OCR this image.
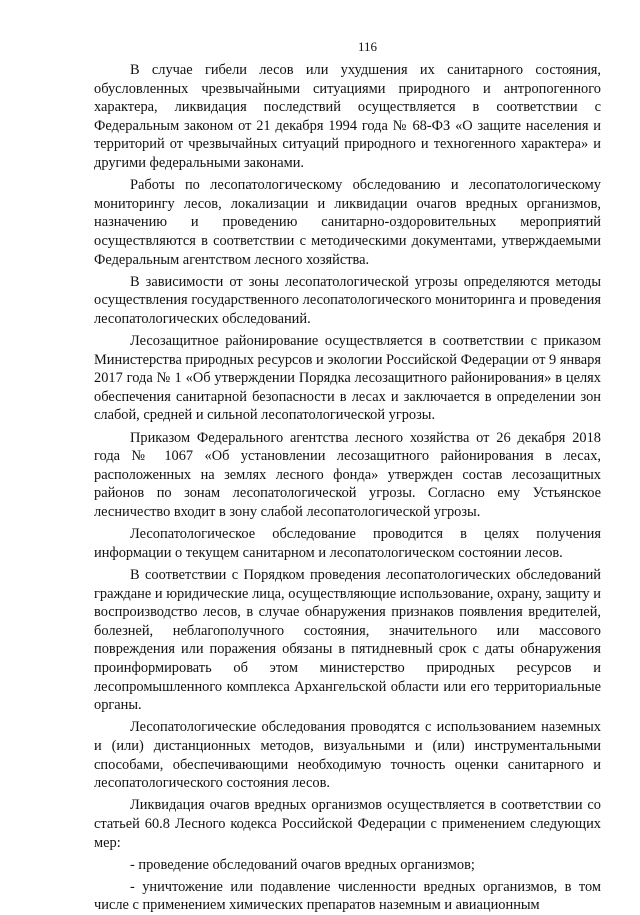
116

В случае гибели лесов или ухудшения их санитарного состояния, обусловленных чрезвычайными ситуациями природного и антропогенного характера, ликвидация последствий осуществляется в соответствии с Федеральным законом от 21 декабря 1994 года № 68-ФЗ «О защите населения и территорий от чрезвычайных ситуаций природного и техногенного характера» и другими федеральными законами.

Работы по лесопатологическому обследованию и лесопатологическому мониторингу лесов, локализации и ликвидации очагов вредных организмов, назначению и проведению санитарно-оздоровительных мероприятий осуществляются в соответствии с методическими документами, утверждаемыми Федеральным агентством лесного хозяйства.

В зависимости от зоны лесопатологической угрозы определяются методы осуществления государственного лесопатологического мониторинга и проведения лесопатологических обследований.

Лесозащитное районирование осуществляется в соответствии с приказом Министерства природных ресурсов и экологии Российской Федерации от 9 января 2017 года № 1 «Об утверждении Порядка лесозащитного районирования» в целях обеспечения санитарной безопасности в лесах и заключается в определении зон слабой, средней и сильной лесопатологической угрозы.

Приказом Федерального агентства лесного хозяйства от 26 декабря 2018 года № 1067 «Об установлении лесозащитного районирования в лесах, расположенных на землях лесного фонда» утвержден состав лесозащитных районов по зонам лесопатологической угрозы. Согласно ему Устьянское лесничество входит в зону слабой лесопатологической угрозы.

Лесопатологическое обследование проводится в целях получения информации о текущем санитарном и лесопатологическом состоянии лесов.

В соответствии с Порядком проведения лесопатологических обследований граждане и юридические лица, осуществляющие использование, охрану, защиту и воспроизводство лесов, в случае обнаружения признаков появления вредителей, болезней, неблагополучного состояния, значительного или массового повреждения или поражения обязаны в пятидневный срок с даты обнаружения проинформировать об этом министерство природных ресурсов и лесопромышленного комплекса Архангельской области или его территориальные органы.

Лесопатологические обследования проводятся с использованием наземных и (или) дистанционных методов, визуальными и (или) инструментальными способами, обеспечивающими необходимую точность оценки санитарного и лесопатологического состояния лесов.

Ликвидация очагов вредных организмов осуществляется в соответствии со статьей 60.8 Лесного кодекса Российской Федерации с применением следующих мер:

- проведение обследований очагов вредных организмов;

- уничтожение или подавление численности вредных организмов, в том числе с применением химических препаратов наземным и авиационным
